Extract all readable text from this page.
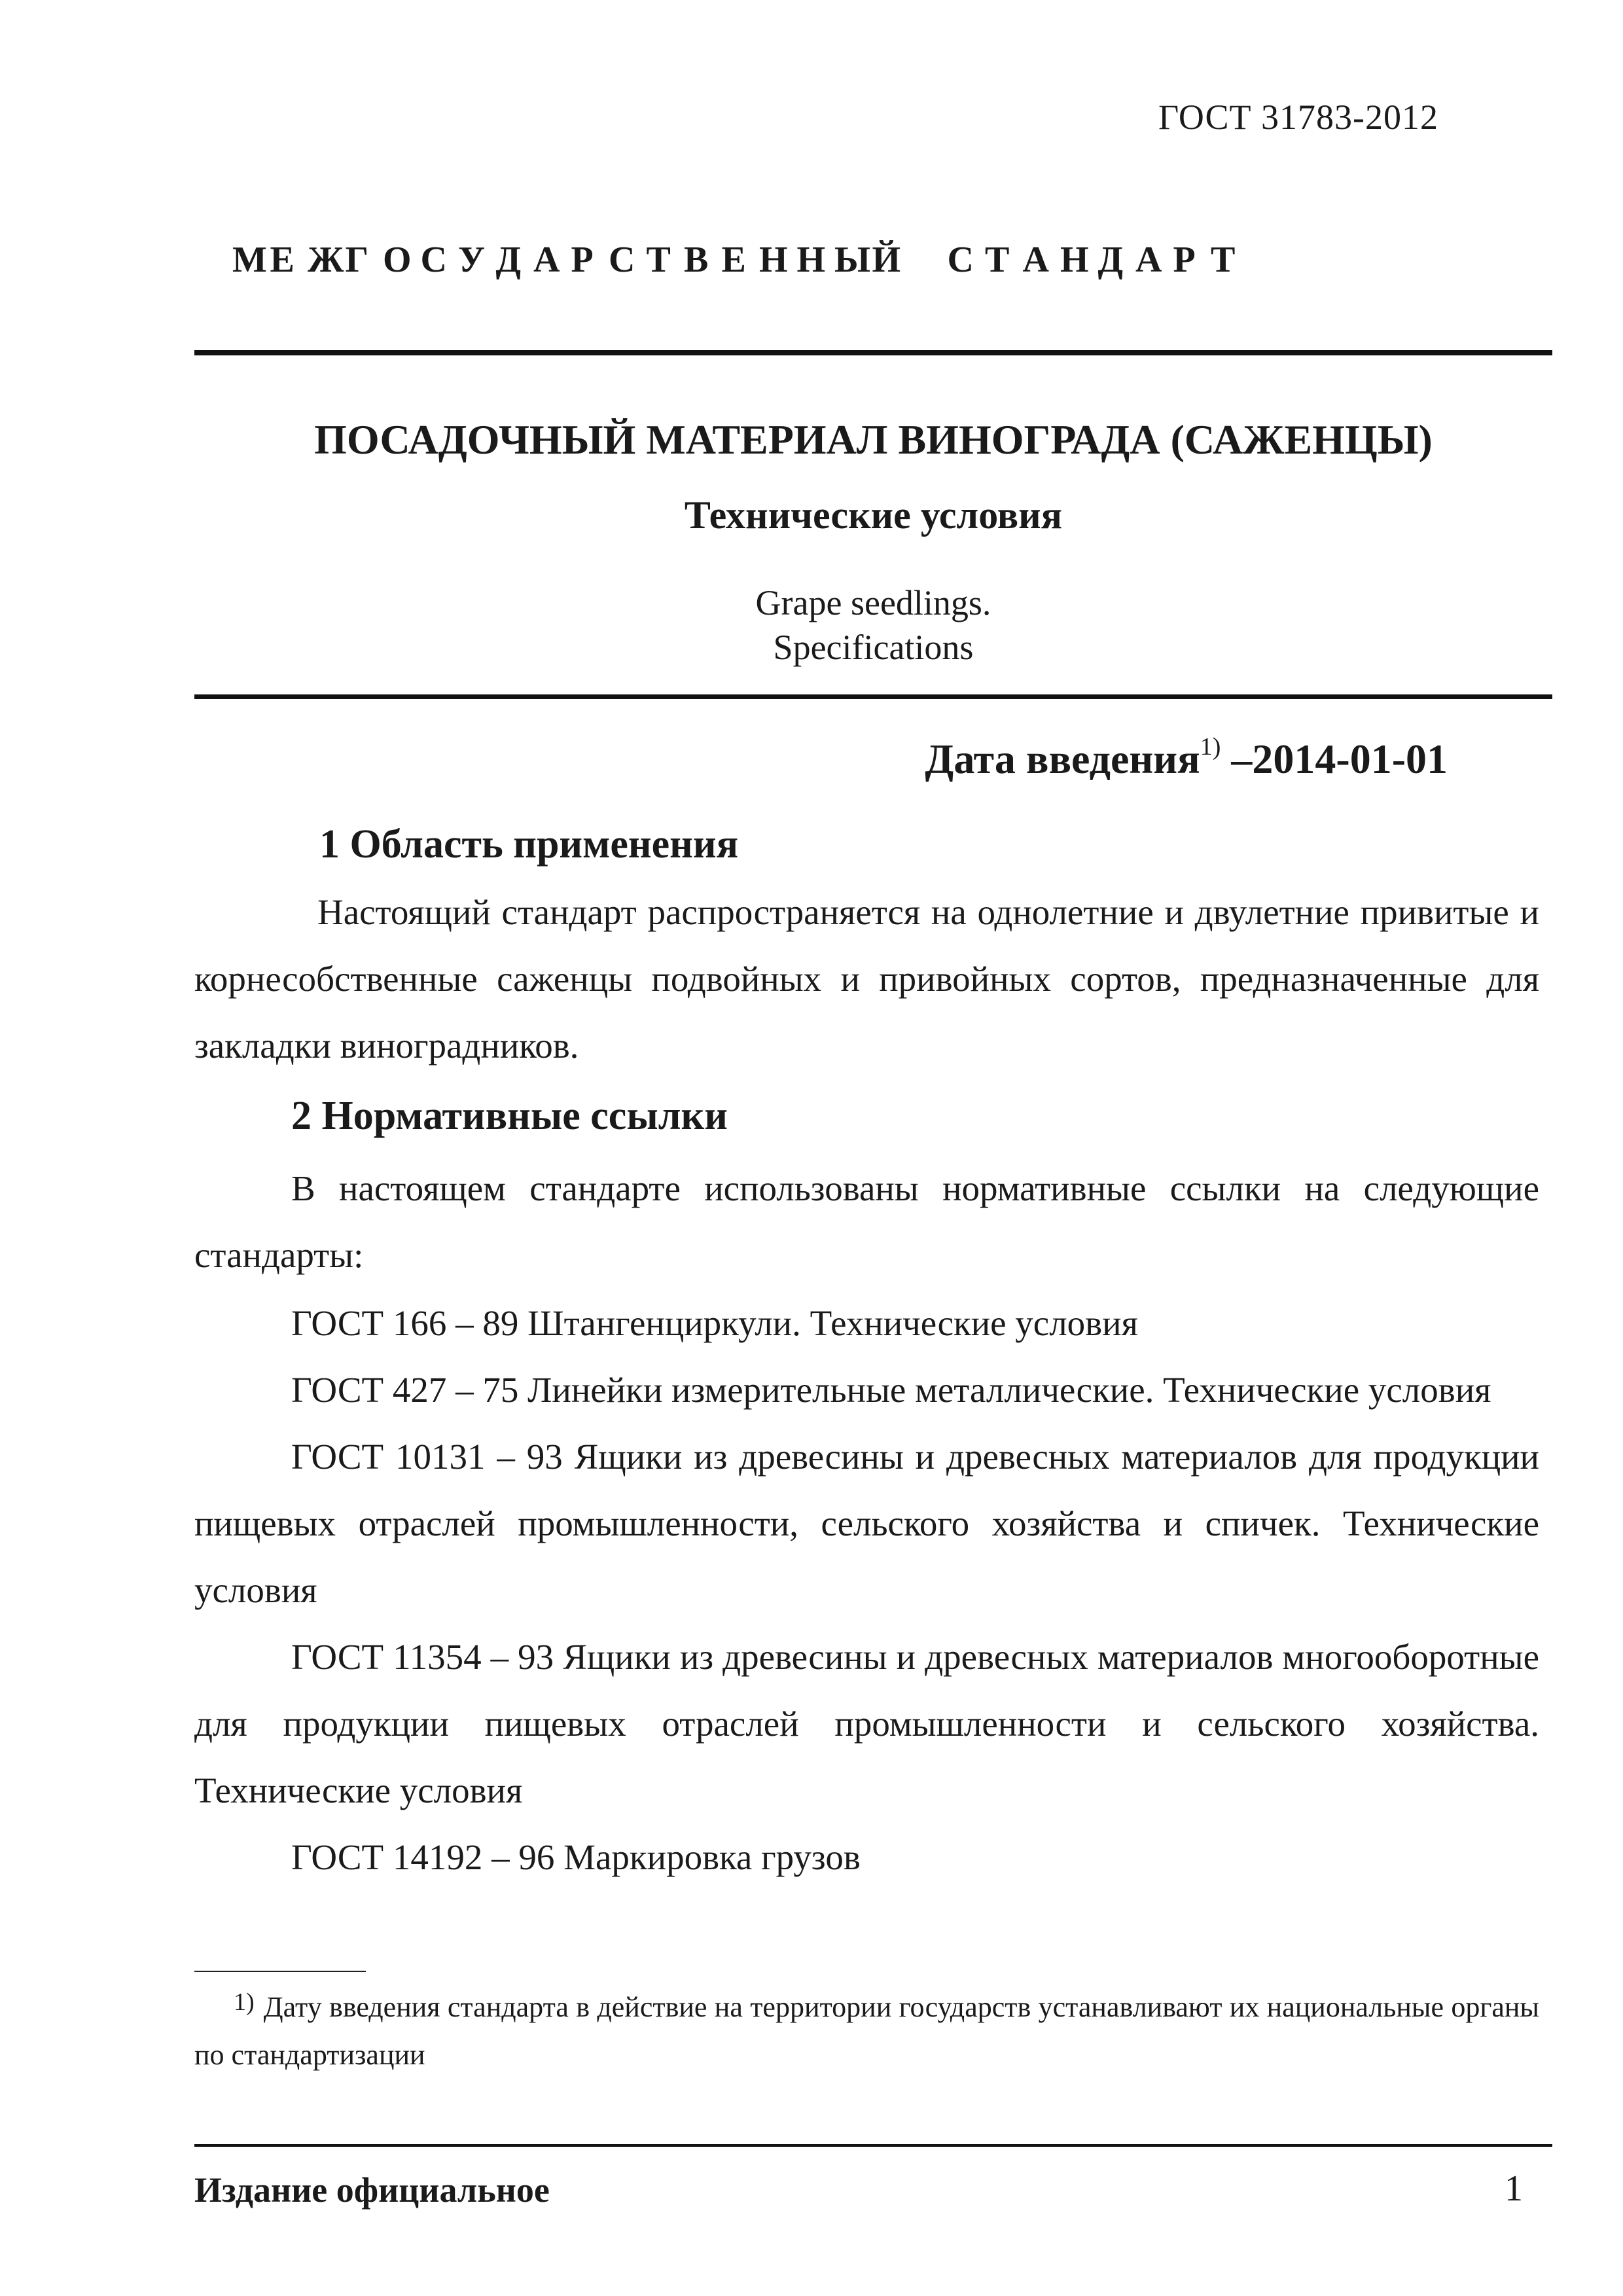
ГОСТ 31783-2012
МЕ ЖГ О С У Д А Р С Т В Е Н Н ЫЙ С Т А Н Д А Р Т
ПОСАДОЧНЫЙ МАТЕРИАЛ ВИНОГРАДА (САЖЕНЦЫ)
Технические условия
Grape seedlings.
Specifications
Дата введения$^{1)}$ –2014-01-01
1 Область применения
Настоящий стандарт распространяется на однолетние и двулетние привитые и корнесобственные саженцы подвойных и привойных сортов, предназначенные для закладки виноградников.
2 Нормативные ссылки
В настоящем стандарте использованы нормативные ссылки на следующие стандарты:
ГОСТ 166 – 89 Штангенциркули. Технические условия
ГОСТ 427 – 75 Линейки измерительные металлические. Технические условия
ГОСТ 10131 – 93 Ящики из древесины и древесных материалов для продукции пищевых отраслей промышленности, сельского хозяйства и спичек. Технические условия
ГОСТ 11354 – 93 Ящики из древесины и древесных материалов многооборотные для продукции пищевых отраслей промышленности и сельского хозяйства. Технические условия
ГОСТ 14192 – 96 Маркировка грузов
$^{1)}$ Дату введения стандарта в действие на территории государств устанавливают их национальные органы по стандартизации
Издание официальное	1
